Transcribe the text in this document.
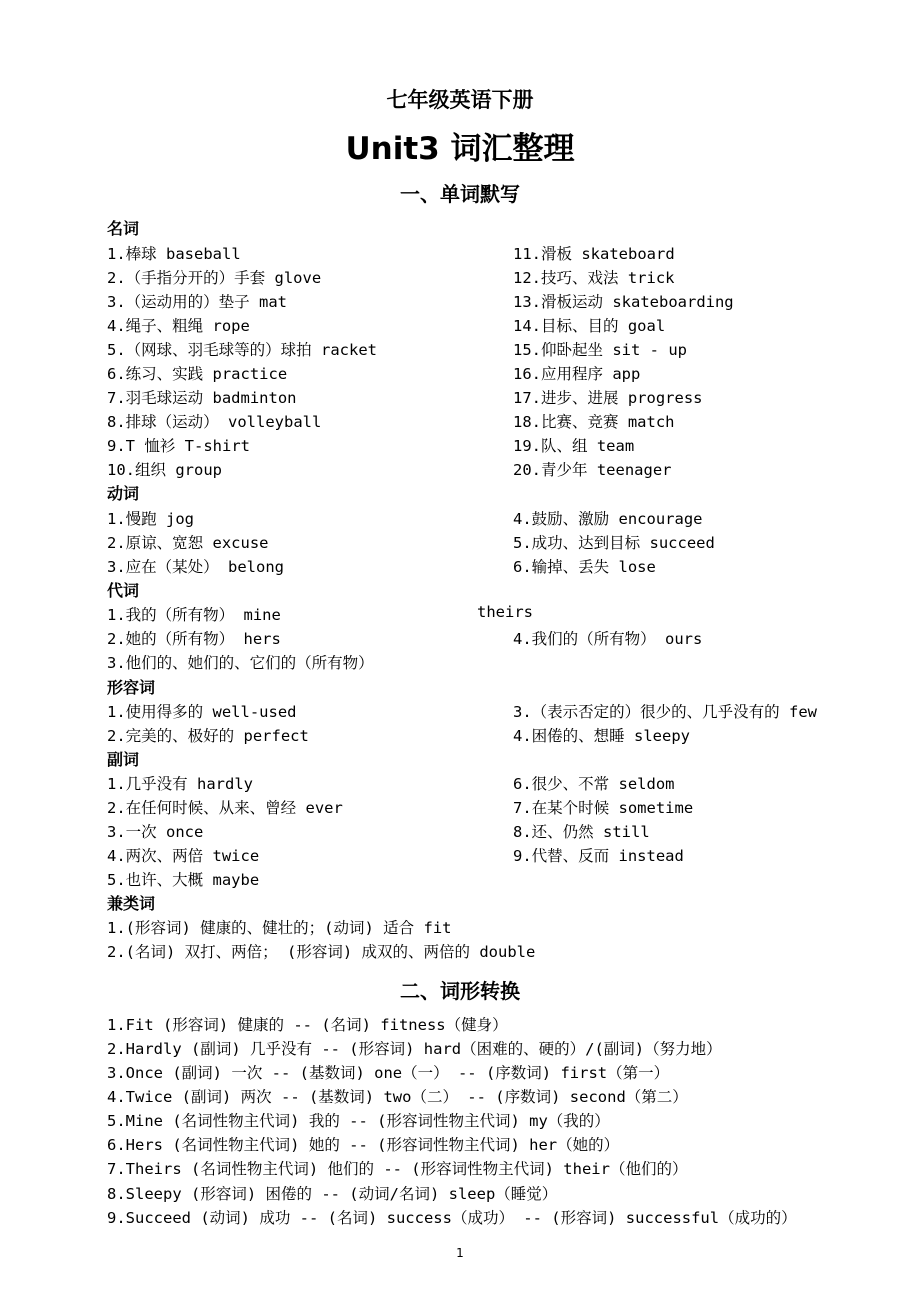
七年级英语下册
Unit3 词汇整理
一、单词默写
名词
1.棒球 baseball	11.滑板 skateboard
2.（手指分开的）手套 glove	12.技巧、戏法 trick
3.（运动用的）垫子 mat	13.滑板运动 skateboarding
4.绳子、粗绳 rope	14.目标、目的 goal
5.（网球、羽毛球等的）球拍 racket	15.仰卧起坐 sit - up
6.练习、实践 practice	16.应用程序 app
7.羽毛球运动 badminton	17.进步、进展 progress
8.排球（运动） volleyball	18.比赛、竞赛 match
9.T 恤衫 T-shirt	19.队、组 team
10.组织 group	20.青少年 teenager
动词
1.慢跑 jog	4.鼓励、激励 encourage
2.原谅、宽恕 excuse	5.成功、达到目标 succeed
3.应在（某处） belong	6.输掉、丢失 lose
代词
1.我的（所有物） mine	theirs
2.她的（所有物） hers	4.我们的（所有物） ours
3.他们的、她们的、它们的（所有物）
形容词
1.使用得多的 well-used	3.（表示否定的）很少的、几乎没有的 few
2.完美的、极好的 perfect	4.困倦的、想睡 sleepy
副词
1.几乎没有 hardly	6.很少、不常 seldom
2.在任何时候、从来、曾经 ever	7.在某个时候 sometime
3.一次 once	8.还、仍然 still
4.两次、两倍 twice	9.代替、反而 instead
5.也许、大概 maybe
兼类词
1.(形容词) 健康的、健壮的；(动词) 适合 fit
2.(名词) 双打、两倍； (形容词) 成双的、两倍的 double
二、词形转换
1.Fit (形容词) 健康的 -- (名词) fitness（健身）
2.Hardly (副词) 几乎没有 -- (形容词) hard（困难的、硬的）/(副词)（努力地）
3.Once (副词) 一次 -- (基数词) one（一） -- (序数词) first（第一）
4.Twice (副词) 两次 -- (基数词) two（二） -- (序数词) second（第二）
5.Mine (名词性物主代词) 我的 -- (形容词性物主代词) my（我的）
6.Hers (名词性物主代词) 她的 -- (形容词性物主代词) her（她的）
7.Theirs (名词性物主代词) 他们的 -- (形容词性物主代词) their（他们的）
8.Sleepy (形容词) 困倦的 -- (动词/名词) sleep（睡觉）
9.Succeed (动词) 成功 -- (名词) success（成功） -- (形容词) successful（成功的）
1
